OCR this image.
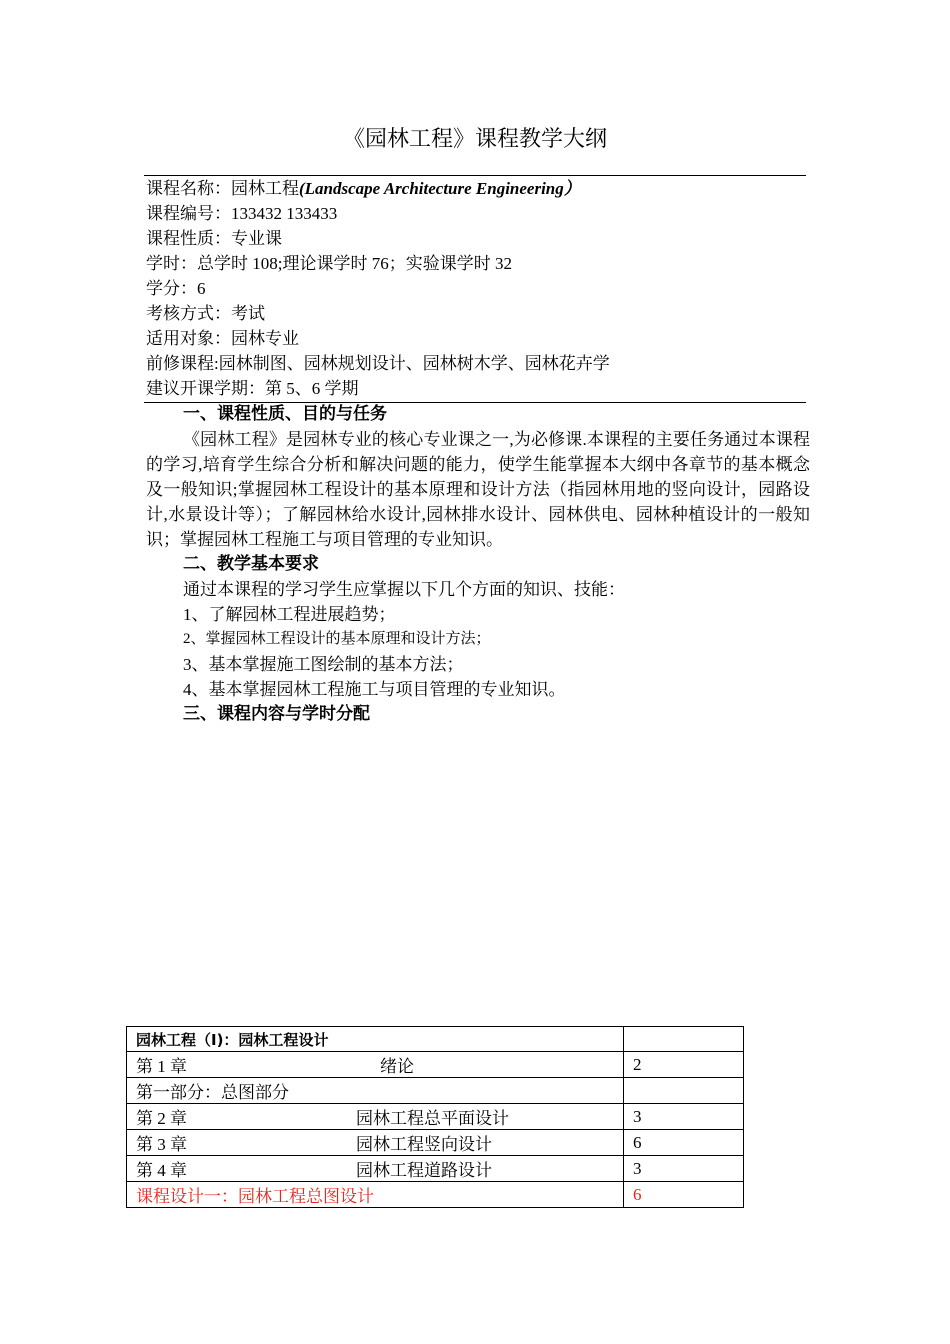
《园林工程》课程教学大纲
课程名称：园林工程(Landscape Architecture Engineering）
课程编号：133432 133433
课程性质：专业课
学时：总学时 108;理论课学时 76；实验课学时 32
学分：6
考核方式：考试
适用对象：园林专业
前修课程:园林制图、园林规划设计、园林树木学、园林花卉学
建议开课学期：第 5、6 学期
一、课程性质、目的与任务
《园林工程》是园林专业的核心专业课之一,为必修课.本课程的主要任务通过本课程的学习,培育学生综合分析和解决问题的能力，使学生能掌握本大纲中各章节的基本概念及一般知识;掌握园林工程设计的基本原理和设计方法（指园林用地的竖向设计，园路设计,水景设计等）；了解园林给水设计,园林排水设计、园林供电、园林种植设计的一般知识；掌握园林工程施工与项目管理的专业知识。
二、教学基本要求
通过本课程的学习学生应掌握以下几个方面的知识、技能：
1、了解园林工程进展趋势；
2、掌握园林工程设计的基本原理和设计方法；
3、基本掌握施工图绘制的基本方法；
4、基本掌握园林工程施工与项目管理的专业知识。
三、课程内容与学时分配
园林工程（Ⅰ)：园林工程设计	
第 1 章 绪论	2
第一部分：总图部分	
第 2 章 园林工程总平面设计	3
第 3 章 园林工程竖向设计	6
第 4 章 园林工程道路设计	3
课程设计一：园林工程总图设计	6
